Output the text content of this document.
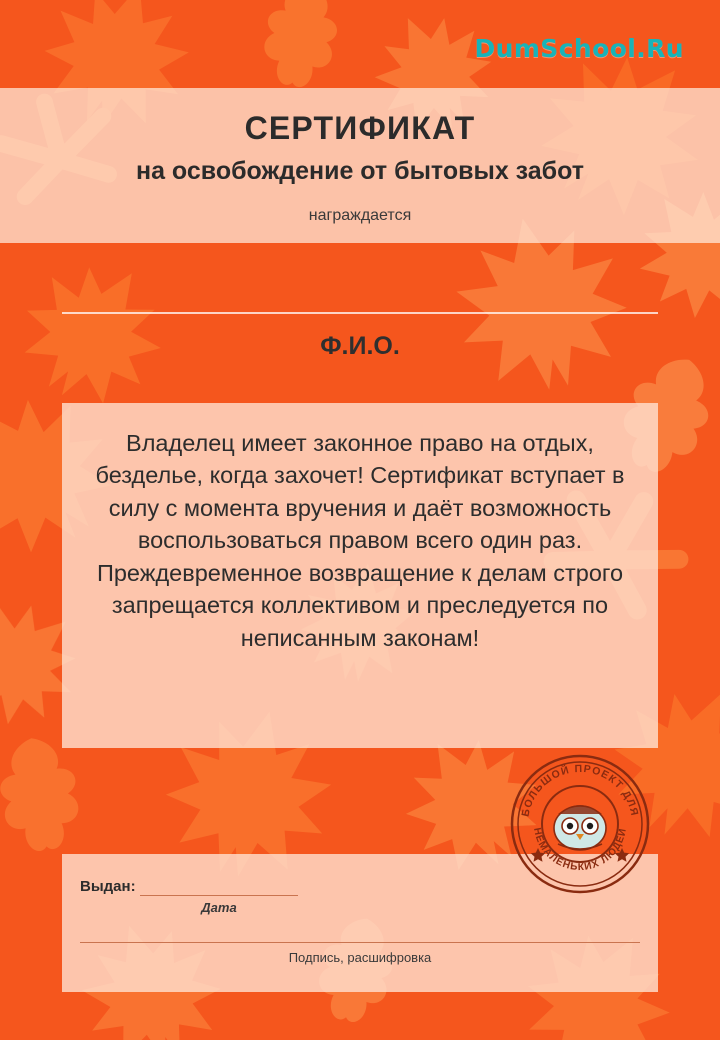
DumSchool.Ru
СЕРТИФИКАТ
на освобождение от бытовых забот
награждается
Ф.И.О.
Владелец имеет законное право на отдых, безделье, когда захочет! Сертификат вступает в силу с момента вручения и даёт возможность воспользоваться правом всего один раз. Преждевременное возвращение к делам строго запрещается коллективом и преследуется по неписанным законам!
БОЛЬШОЙ ПРОЕКТ ДЛЯ
НЕМАЛЕНЬКИХ ЛЮДЕЙ
Выдан:
Дата
Подпись, расшифровка
